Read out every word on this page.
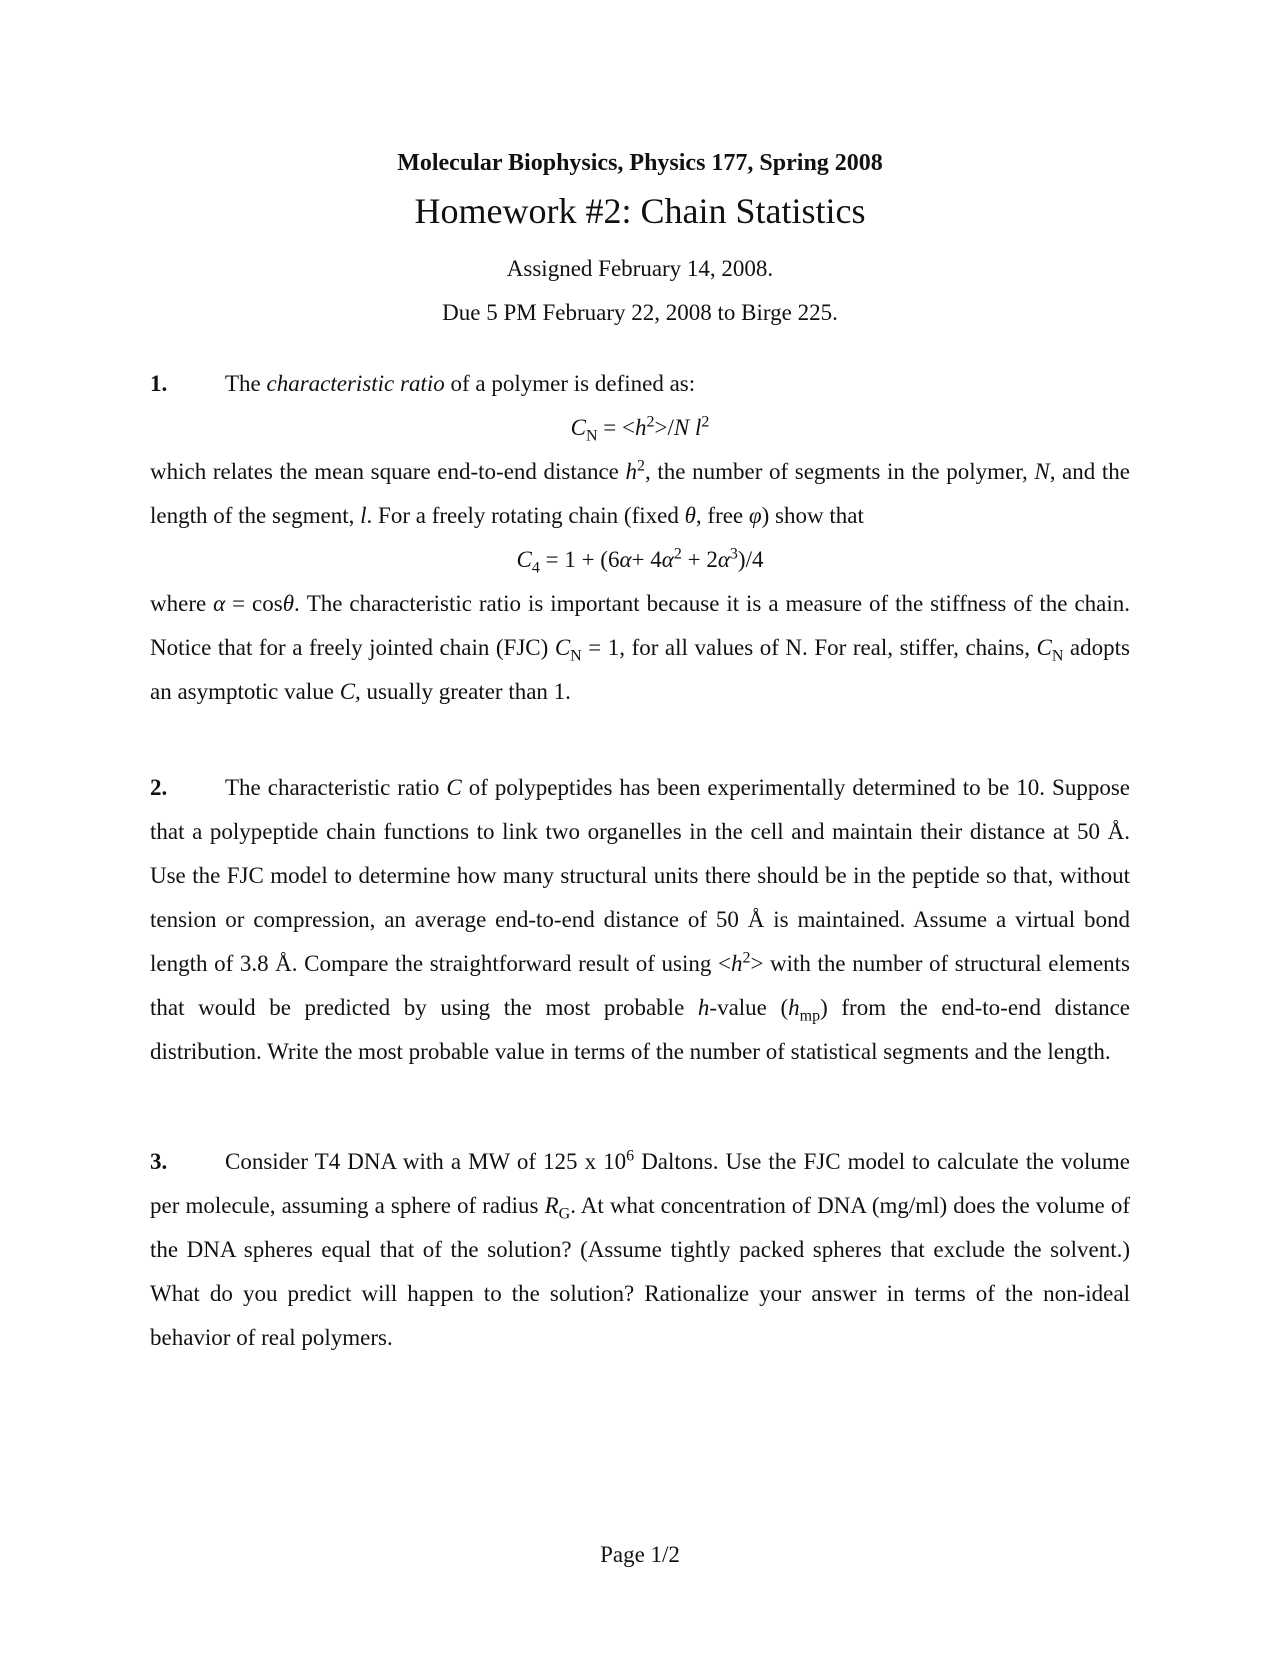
Molecular Biophysics, Physics 177, Spring 2008
Homework #2: Chain Statistics
Assigned February 14, 2008.
Due 5 PM February 22, 2008 to Birge 225.
1.	The characteristic ratio of a polymer is defined as:
$C_N = <h^2>/N$ $l^2$
which relates the mean square end-to-end distance $h^2$, the number of segments in the polymer, N, and the length of the segment, l. For a freely rotating chain (fixed θ, free φ) show that
$C_4 = 1 + (6\alpha+ 4\alpha^2 + 2\alpha^3)/4$
where α = cosθ. The characteristic ratio is important because it is a measure of the stiffness of the chain. Notice that for a freely jointed chain (FJC) $C_N = 1$, for all values of N. For real, stiffer, chains, $C_N$ adopts an asymptotic value C, usually greater than 1.
2.	The characteristic ratio C of polypeptides has been experimentally determined to be 10. Suppose that a polypeptide chain functions to link two organelles in the cell and maintain their distance at 50 Å. Use the FJC model to determine how many structural units there should be in the peptide so that, without tension or compression, an average end-to-end distance of 50 Å is maintained. Assume a virtual bond length of 3.8 Å. Compare the straightforward result of $using <h^2>$ with the number of structural elements that would be predicted by using the most probable h-value $(h_{mp})$ from the end-to-end distance distribution. Write the most probable value in terms of the number of statistical segments and the length.
3.	Consider T4 DNA with a MW of 125 x $10^6$ Daltons. Use the FJC model to calculate the volume per molecule, assuming a sphere of radius $R_G$. At what concentration of DNA (mg/ml) does the volume of the DNA spheres equal that of the solution? (Assume tightly packed spheres that exclude the solvent.) What do you predict will happen to the solution? Rationalize your answer in terms of the non-ideal behavior of real polymers.
Page 1/2
